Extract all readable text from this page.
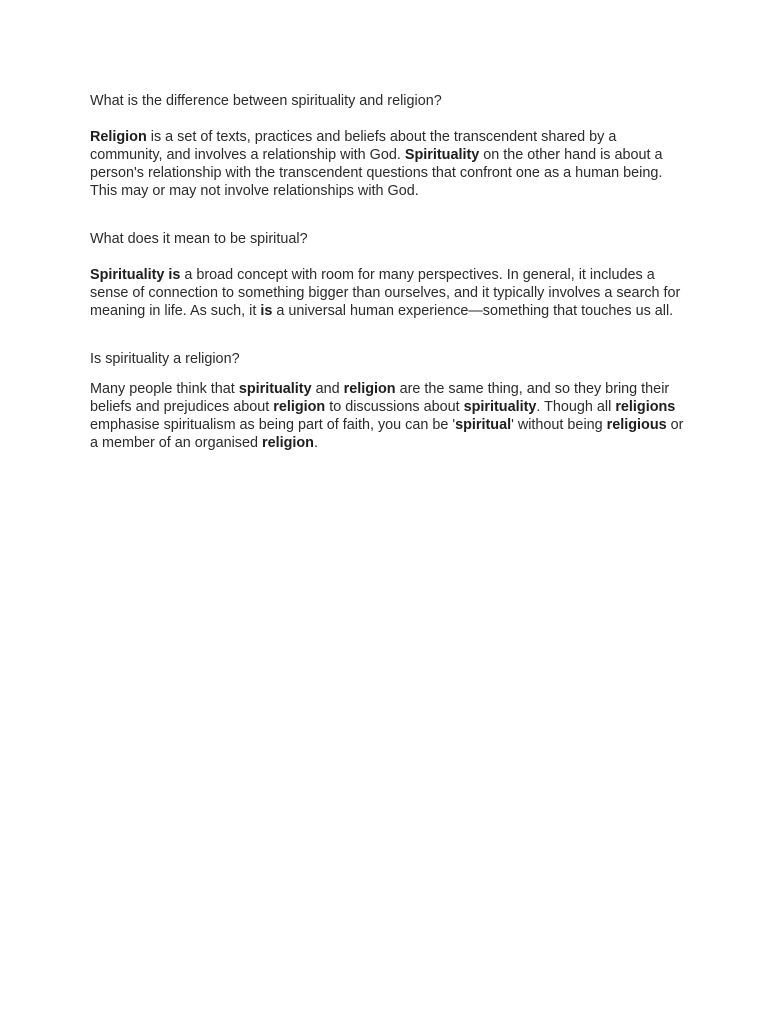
What is the difference between spirituality and religion?

Religion is a set of texts, practices and beliefs about the transcendent shared by a community, and involves a relationship with God. Spirituality on the other hand is about a person's relationship with the transcendent questions that confront one as a human being. This may or may not involve relationships with God.

What does it mean to be spiritual?

Spirituality is a broad concept with room for many perspectives. In general, it includes a sense of connection to something bigger than ourselves, and it typically involves a search for meaning in life. As such, it is a universal human experience—something that touches us all.

Is spirituality a religion?

Many people think that spirituality and religion are the same thing, and so they bring their beliefs and prejudices about religion to discussions about spirituality. Though all religions emphasise spiritualism as being part of faith, you can be 'spiritual' without being religious or a member of an organised religion.
